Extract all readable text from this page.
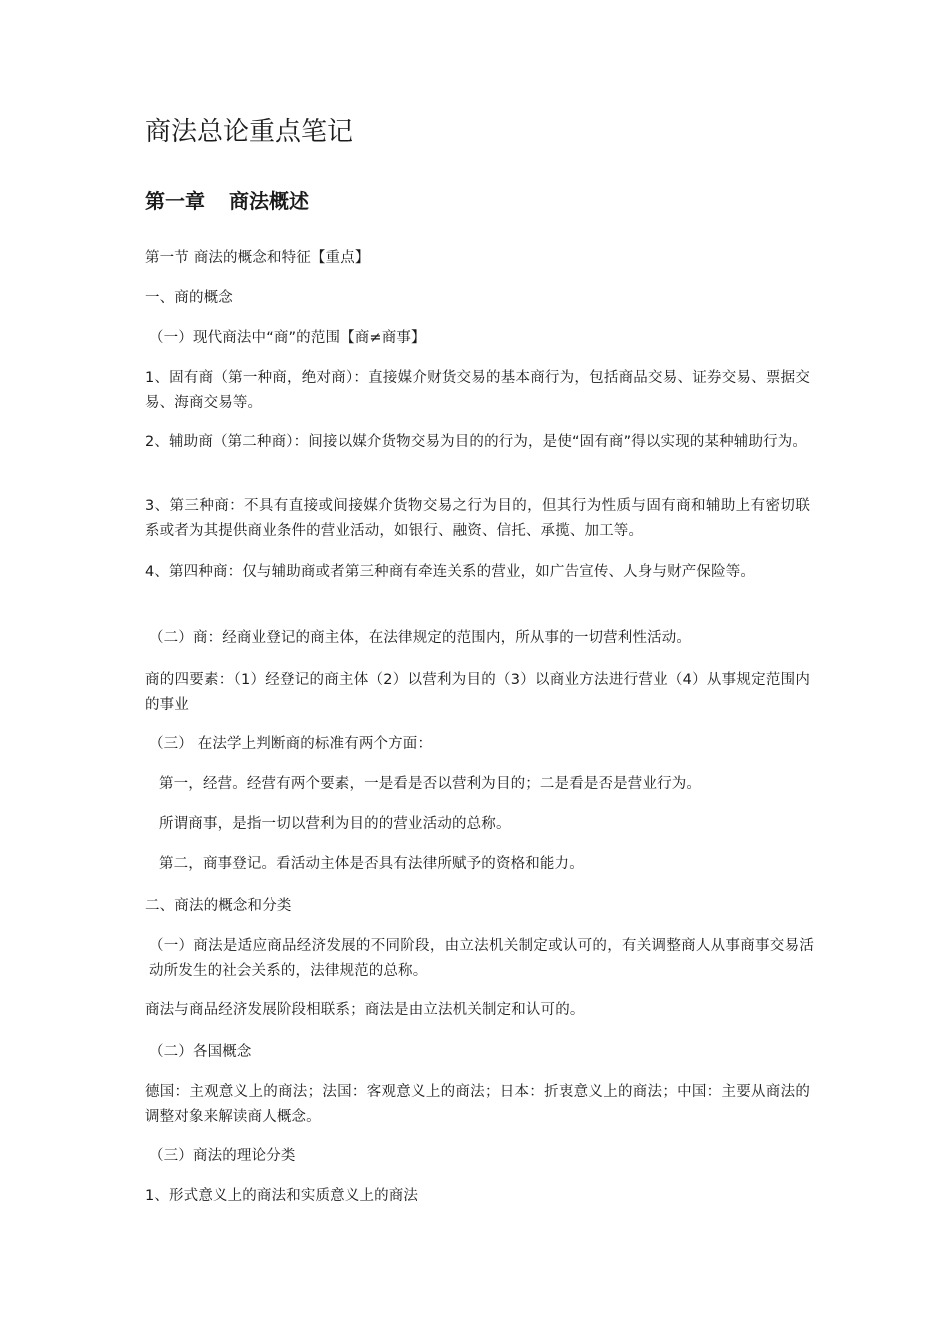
商法总论重点笔记
第一章 商法概述

第一节 商法的概念和特征【重点】

一、商的概念

（一）现代商法中“商”的范围【商≠商事】

1、固有商（第一种商，绝对商）：直接媒介财货交易的基本商行为，包括商品交易、证券交易、票据交易、海商交易等。

2、辅助商（第二种商）：间接以媒介货物交易为目的的行为，是使“固有商”得以实现的某种辅助行为。

3、第三种商：不具有直接或间接媒介货物交易之行为目的，但其行为性质与固有商和辅助上有密切联系或者为其提供商业条件的营业活动，如银行、融资、信托、承揽、加工等。

4、第四种商：仅与辅助商或者第三种商有牵连关系的营业，如广告宣传、人身与财产保险等。

（二）商：经商业登记的商主体，在法律规定的范围内，所从事的一切营利性活动。

商的四要素：（1）经登记的商主体（2）以营利为目的（3）以商业方法进行营业（4）从事规定范围内的事业

（三） 在法学上判断商的标准有两个方面：

第一，经营。经营有两个要素，一是看是否以营利为目的；二是看是否是营业行为。

所谓商事，是指一切以营利为目的的营业活动的总称。

第二，商事登记。看活动主体是否具有法律所赋予的资格和能力。

二、商法的概念和分类

（一）商法是适应商品经济发展的不同阶段，由立法机关制定或认可的，有关调整商人从事商事交易活动所发生的社会关系的，法律规范的总称。

商法与商品经济发展阶段相联系；商法是由立法机关制定和认可的。

（二）各国概念

德国：主观意义上的商法；法国：客观意义上的商法；日本：折衷意义上的商法；中国：主要从商法的调整对象来解读商人概念。

（三）商法的理论分类

1、形式意义上的商法和实质意义上的商法
